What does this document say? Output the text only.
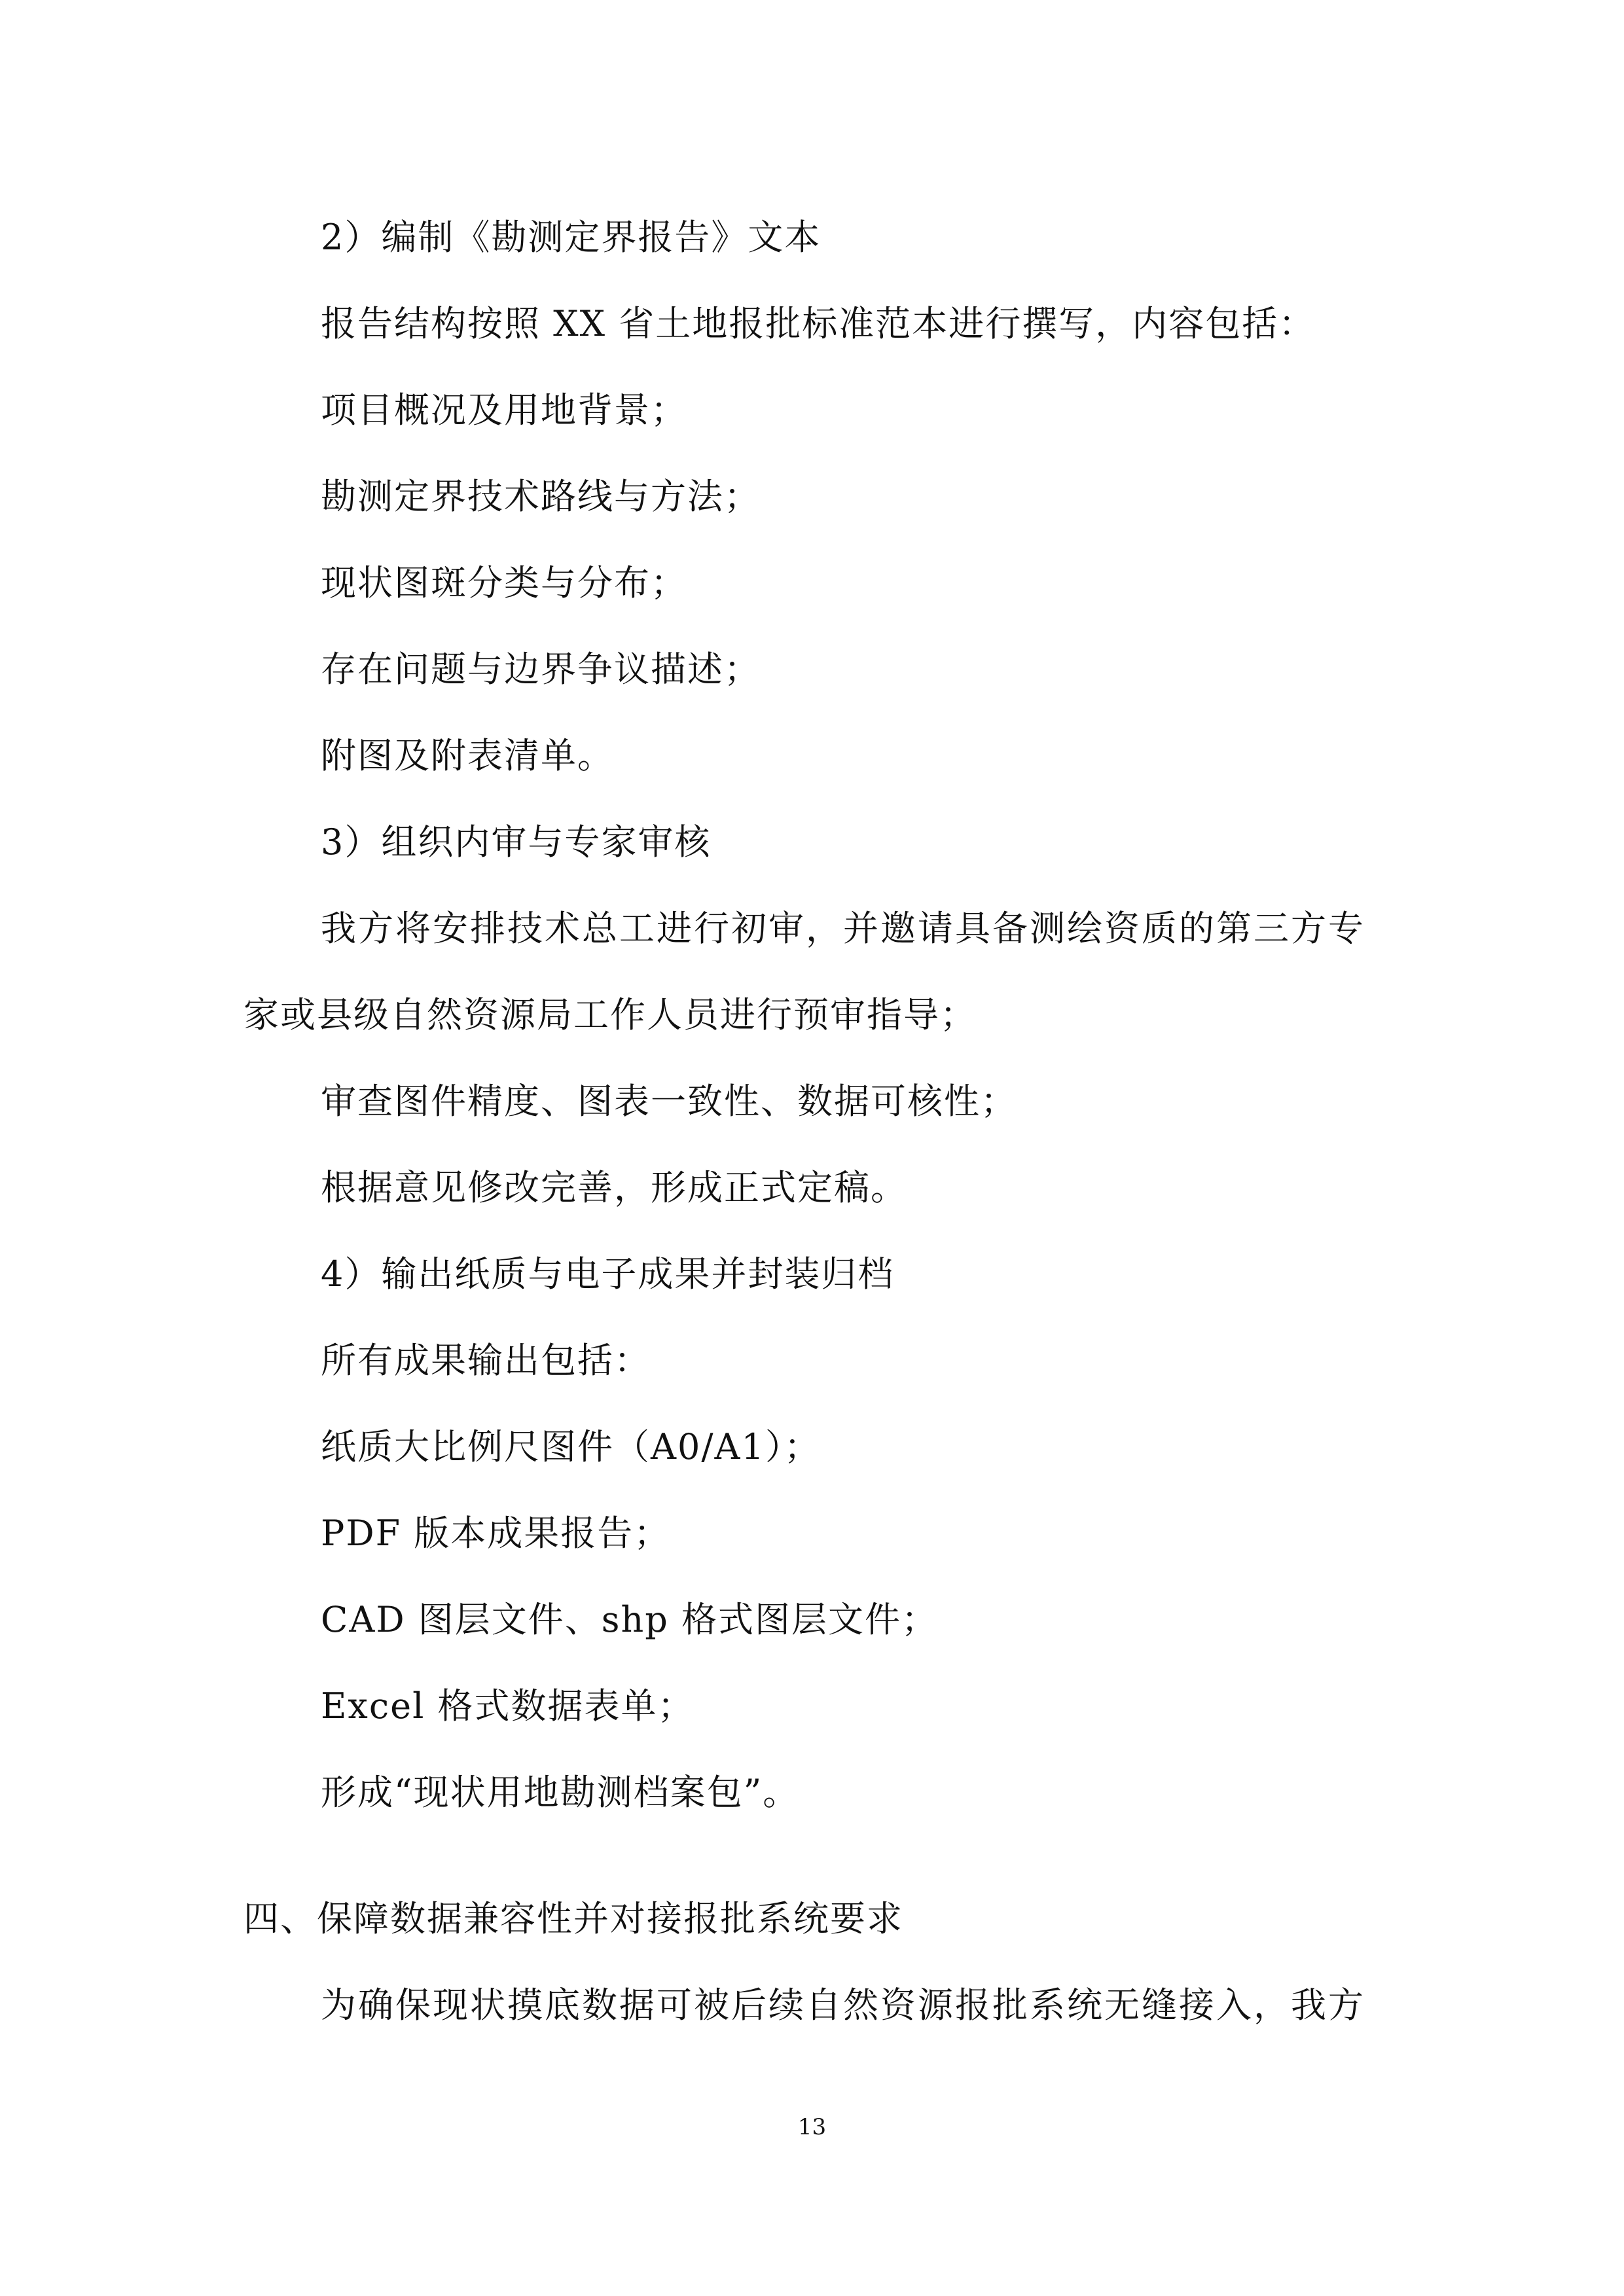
2）编制《勘测定界报告》文本
报告结构按照 XX 省土地报批标准范本进行撰写，内容包括：
项目概况及用地背景；
勘测定界技术路线与方法；
现状图斑分类与分布；
存在问题与边界争议描述；
附图及附表清单。
3）组织内审与专家审核
我方将安排技术总工进行初审，并邀请具备测绘资质的第三方专
家或县级自然资源局工作人员进行预审指导；
审查图件精度、图表一致性、数据可核性；
根据意见修改完善，形成正式定稿。
4）输出纸质与电子成果并封装归档
所有成果输出包括：
纸质大比例尺图件（A0/A1）；
PDF 版本成果报告；
CAD 图层文件、shp 格式图层文件；
Excel 格式数据表单；
形成“现状用地勘测档案包”。
四、保障数据兼容性并对接报批系统要求
为确保现状摸底数据可被后续自然资源报批系统无缝接入，我方
13
